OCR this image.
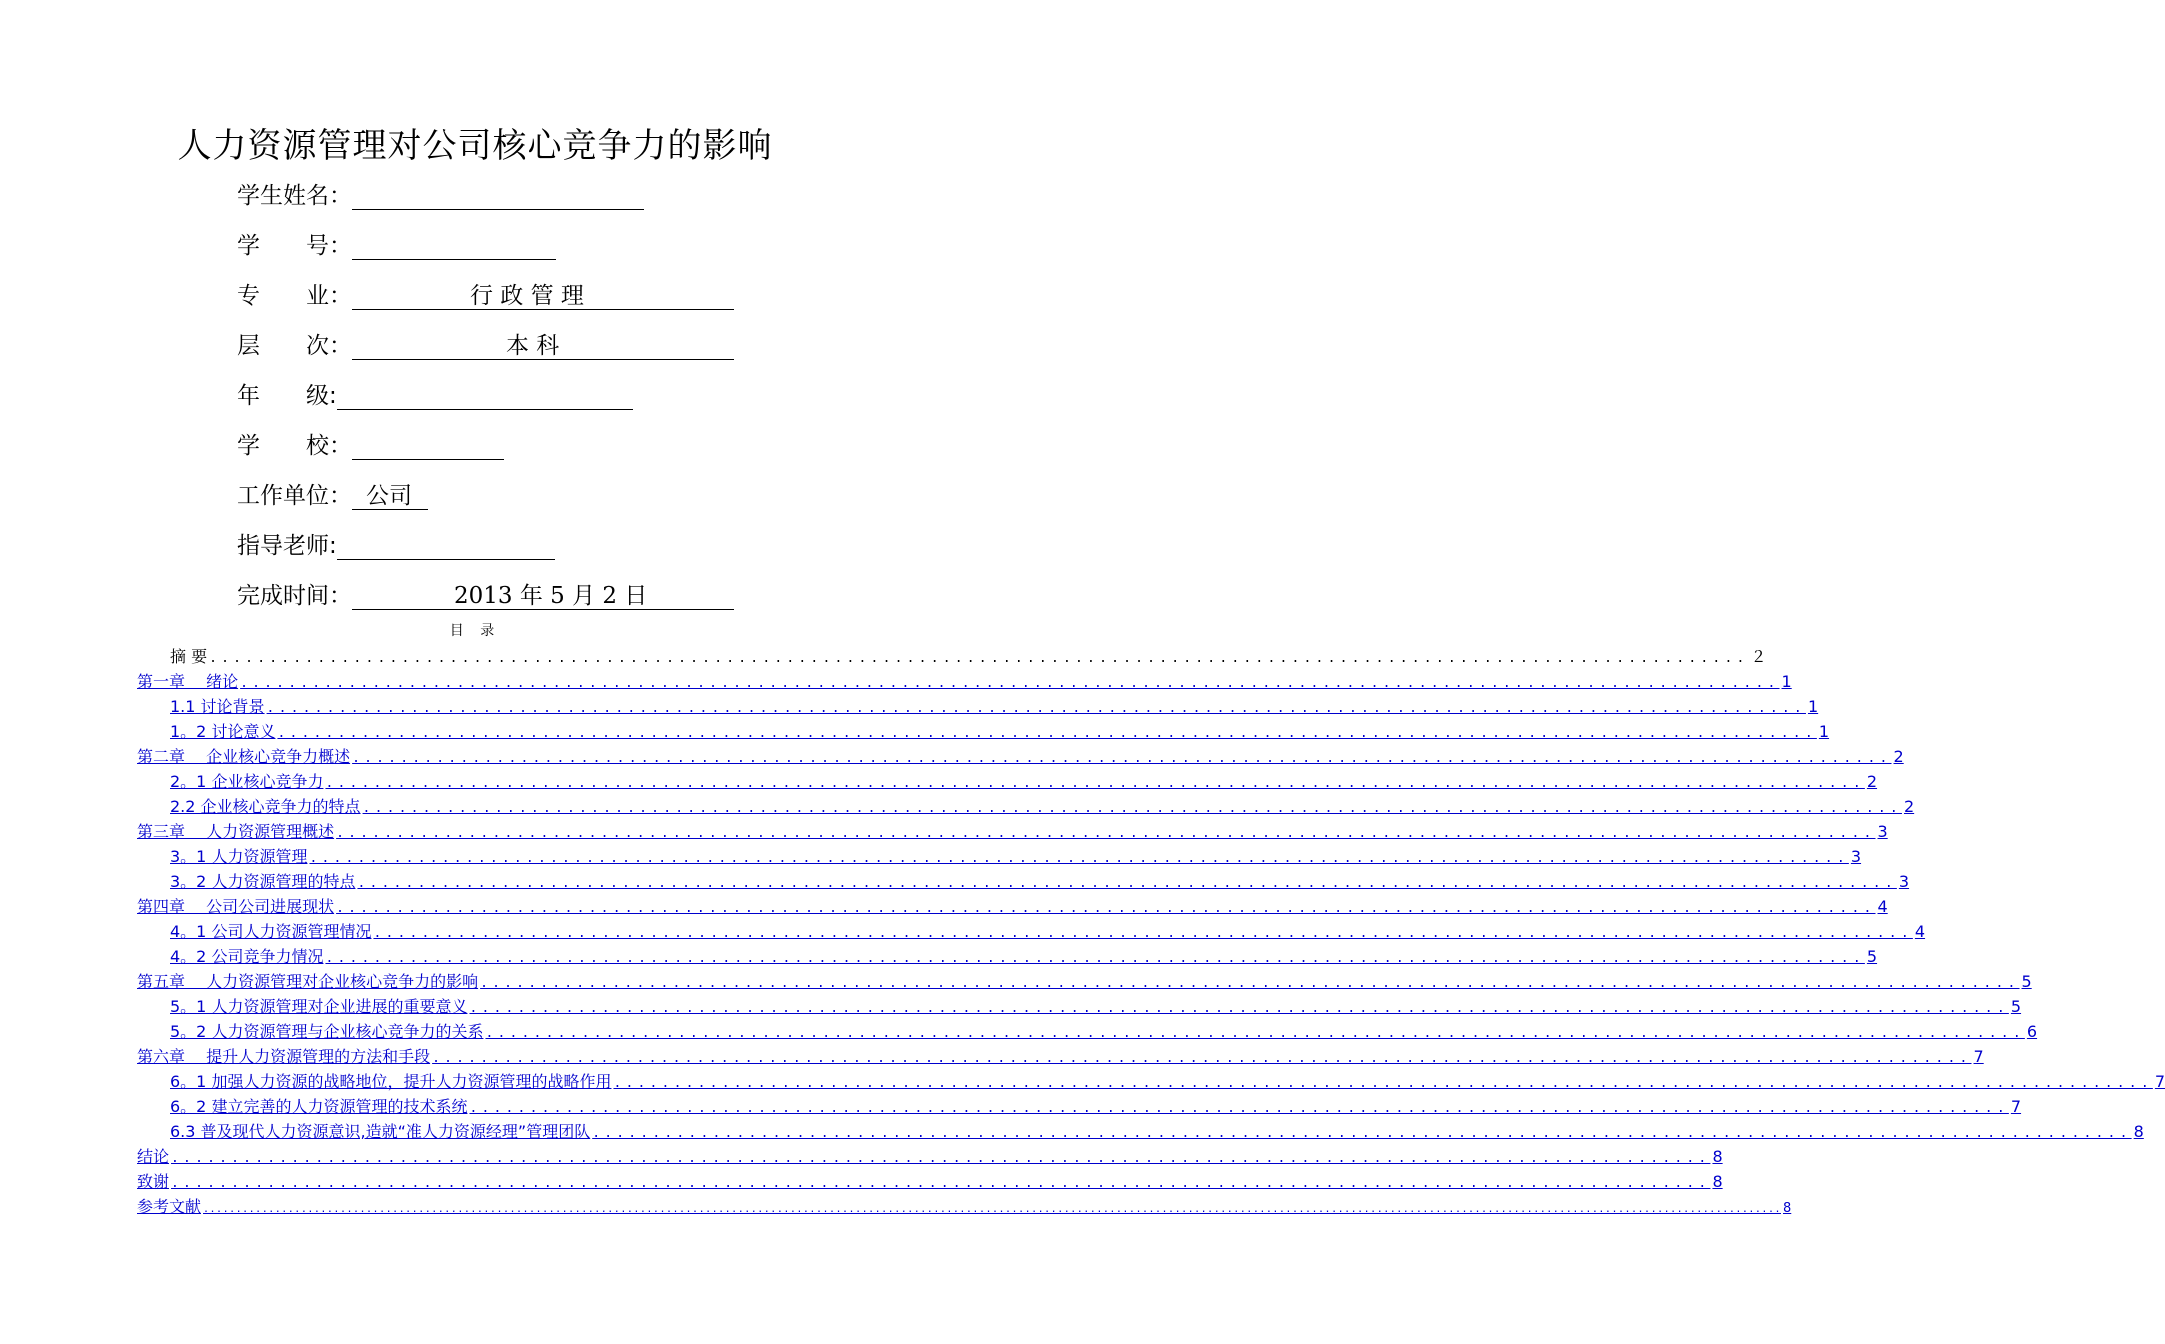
人力资源管理对公司核心竞争力的影响
学生姓名：
学　　号：
专　　业：	行 政 管 理
层　　次：	本 科
年　　级:
学　　校：
工作单位： 公司
指导老师:
完成时间：	2013 年 5 月 2 日
目 录
摘 要 ................................................................................................................................ ２
第一章　 绪论 ................................................................................................................................ 1
1.1 讨论背景 ................................................................................................................................ 1
1。2 讨论意义 ................................................................................................................................ 1
第二章　 企业核心竞争力概述 ................................................................................................................................ 2
2。1 企业核心竞争力 ................................................................................................................................ 2
2.2 企业核心竞争力的特点 ................................................................................................................................ 2
第三章　 人力资源管理概述 ................................................................................................................................ 3
3。1 人力资源管理 ................................................................................................................................ 3
3。2 人力资源管理的特点 ................................................................................................................................ 3
第四章　 公司公司进展现状 ................................................................................................................................ 4
4。1 公司人力资源管理情况 ................................................................................................................................ 4
4。2 公司竞争力情况 ................................................................................................................................ 5
第五章　 人力资源管理对企业核心竞争力的影响 ................................................................................................................................ 5
5。1 人力资源管理对企业进展的重要意义 ................................................................................................................................ 5
5。2 人力资源管理与企业核心竞争力的关系 ................................................................................................................................ 6
第六章　 提升人力资源管理的方法和手段 ................................................................................................................................ 7
6。1 加强人力资源的战略地位，提升人力资源管理的战略作用 ................................................................................................................................ 7
6。2 建立完善的人力资源管理的技术系统 ................................................................................................................................ 7
6.3 普及现代人力资源意识,造就“准人力资源经理”管理团队 ................................................................................................................................ 8
结论 ................................................................................................................................ 8
致谢 ................................................................................................................................ 8
参考文献 .................................................................................................................................................................................................................................................. 8
